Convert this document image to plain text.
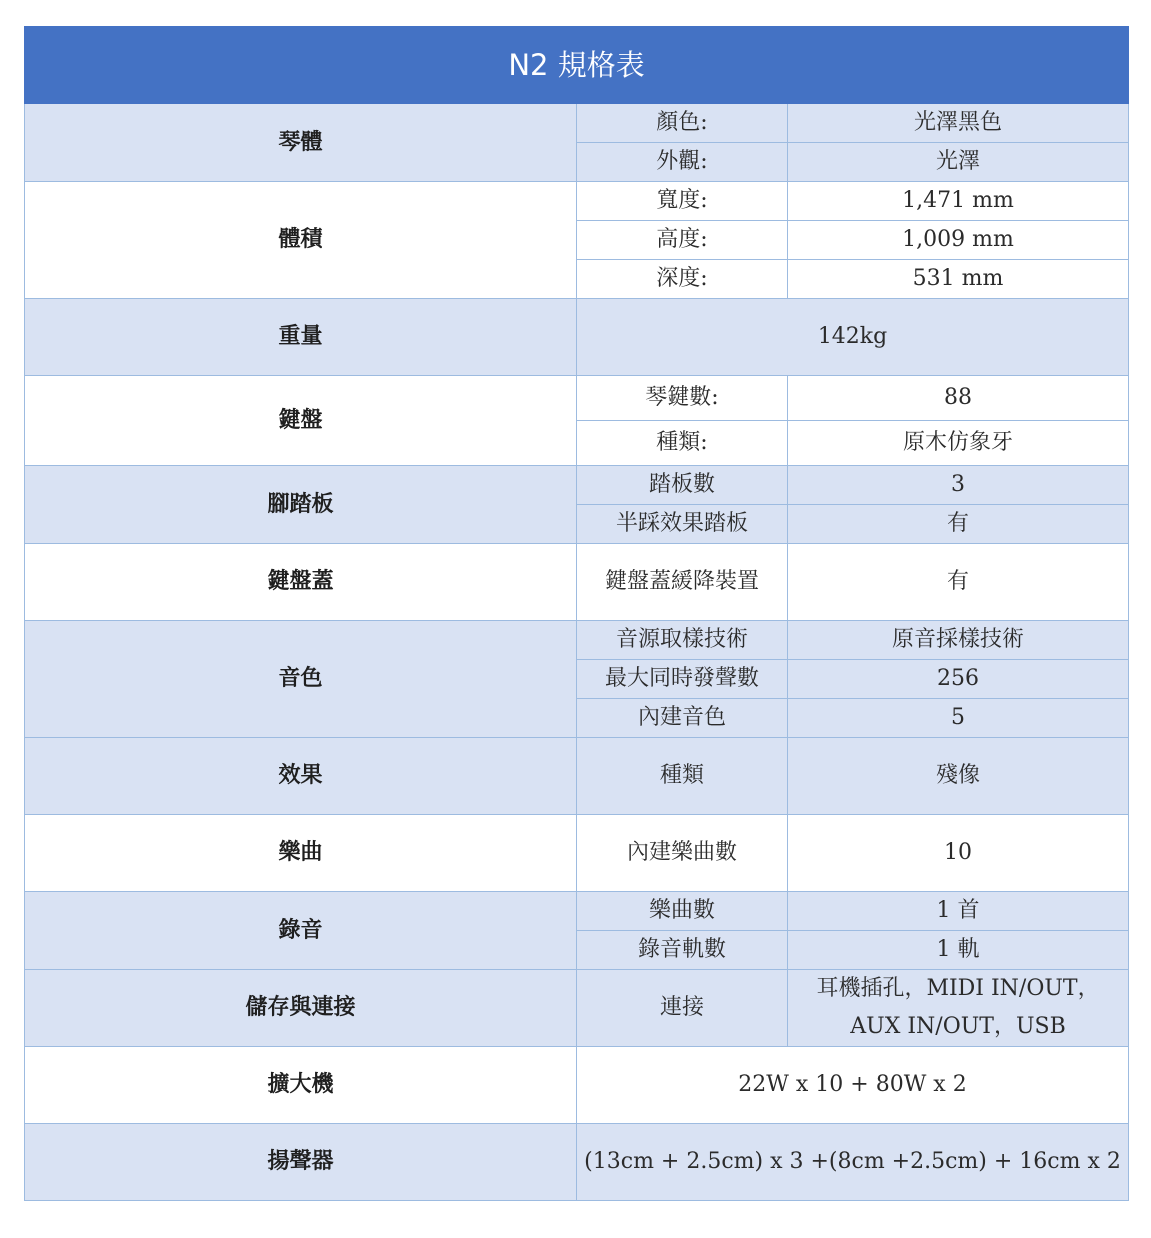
N2 規格表		
琴體	顏色:	光澤黑色
	外觀:	光澤
體積	寬度:	1,471 mm
	高度:	1,009 mm
	深度:	531 mm
重量	142kg	
鍵盤	琴鍵數:	88
	種類:	原木仿象牙
腳踏板	踏板數	3
	半踩效果踏板	有
鍵盤蓋	鍵盤蓋緩降裝置	有
音色	音源取樣技術	原音採樣技術
	最大同時發聲數	256
	內建音色	5
效果	種類	殘像
樂曲	內建樂曲數	10
錄音	樂曲數	1 首
	錄音軌數	1 軌
儲存與連接	連接	耳機插孔，MIDI IN/OUT，
AUX IN/OUT，USB

擴大機	22W x 10 + 80W x 2	
揚聲器	(13cm + 2.5cm) x 3 +(8cm +2.5cm) + 16cm x 2	
